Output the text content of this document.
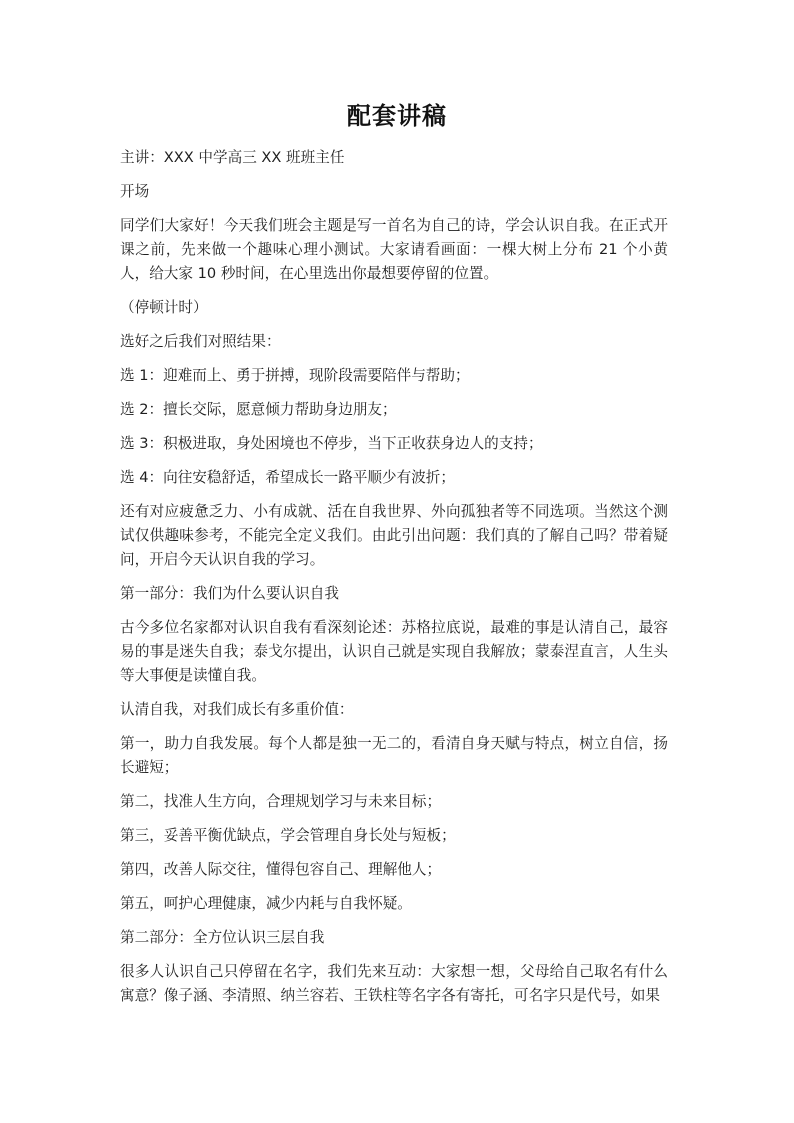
配套讲稿

主讲：XXX 中学高三 XX 班班主任

开场

同学们大家好！今天我们班会主题是写一首名为自己的诗，学会认识自我。在正式开课之前，先来做一个趣味心理小测试。大家请看画面：一棵大树上分布 21 个小黄人，给大家 10 秒时间，在心里选出你最想要停留的位置。

（停顿计时）

选好之后我们对照结果：

选 1：迎难而上、勇于拼搏，现阶段需要陪伴与帮助；

选 2：擅长交际，愿意倾力帮助身边朋友；

选 3：积极进取，身处困境也不停步，当下正收获身边人的支持；

选 4：向往安稳舒适，希望成长一路平顺少有波折；

还有对应疲惫乏力、小有成就、活在自我世界、外向孤独者等不同选项。当然这个测试仅供趣味参考，不能完全定义我们。由此引出问题：我们真的了解自己吗？带着疑问，开启今天认识自我的学习。

第一部分：我们为什么要认识自我

古今多位名家都对认识自我有看深刻论述：苏格拉底说，最难的事是认清自己，最容易的事是迷失自我；泰戈尔提出，认识自己就是实现自我解放；蒙泰涅直言，人生头等大事便是读懂自我。

认清自我，对我们成长有多重价值：

第一，助力自我发展。每个人都是独一无二的，看清自身天赋与特点，树立自信，扬长避短；

第二，找准人生方向，合理规划学习与未来目标；

第三，妥善平衡优缺点，学会管理自身长处与短板；

第四，改善人际交往，懂得包容自己、理解他人；

第五，呵护心理健康，减少内耗与自我怀疑。

第二部分：全方位认识三层自我

很多人认识自己只停留在名字，我们先来互动：大家想一想，父母给自己取名有什么寓意？像子涵、李清照、纳兰容若、王铁柱等名字各有寄托，可名字只是代号，如果
